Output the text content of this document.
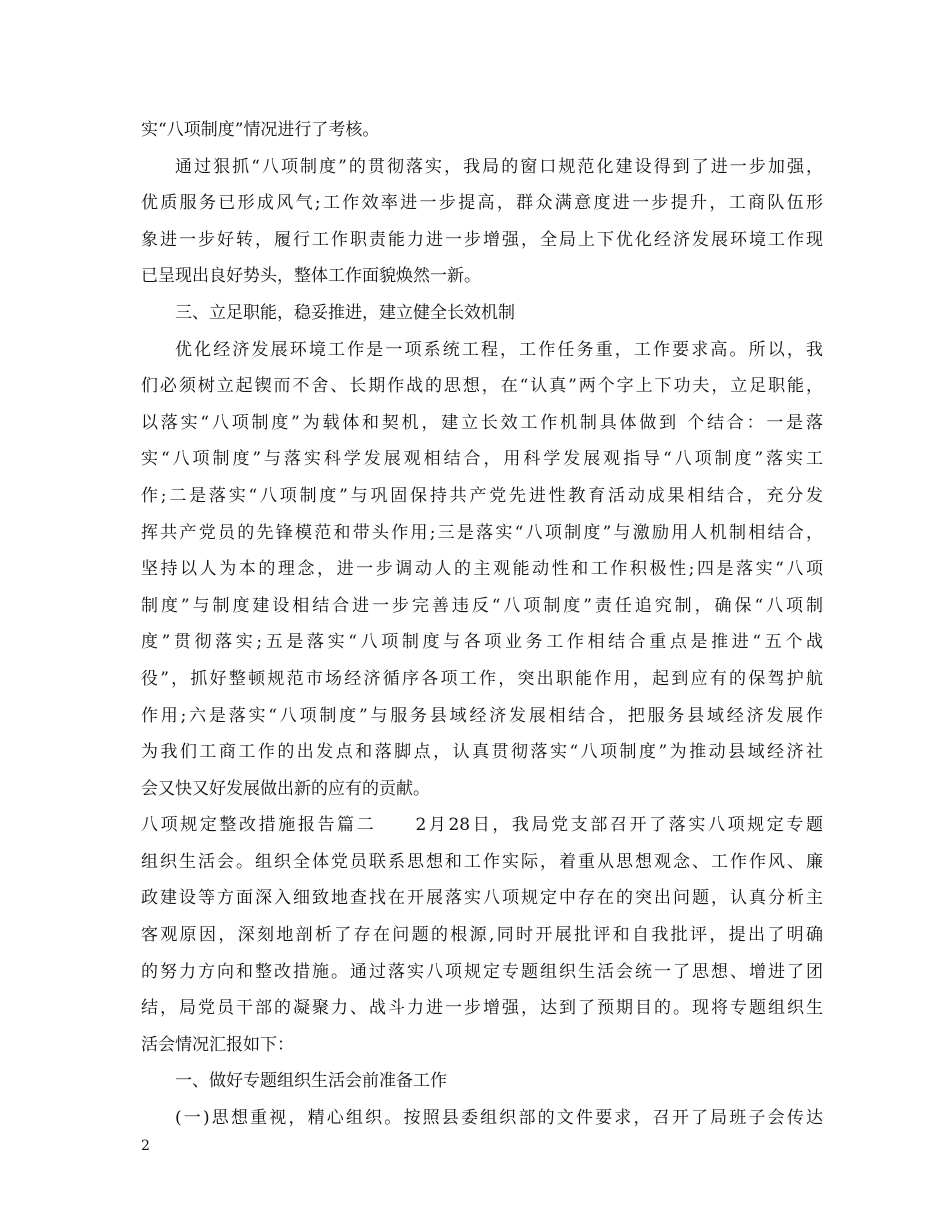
实“八项制度”情况进行了考核。
通过狠抓“八项制度”的贯彻落实，我局的窗口规范化建设得到了进一步加强，
优质服务已形成风气;工作效率进一步提高，群众满意度进一步提升，工商队伍形
象进一步好转，履行工作职责能力进一步增强，全局上下优化经济发展环境工作现
已呈现出良好势头，整体工作面貌焕然一新。
三、立足职能，稳妥推进，建立健全长效机制
优化经济发展环境工作是一项系统工程，工作任务重，工作要求高。所以，我
们必须树立起锲而不舍、长期作战的思想，在“认真”两个字上下功夫，立足职能，
以落实“八项制度”为载体和契机，建立长效工作机制具体做到 个结合：一是落
实“八项制度”与落实科学发展观相结合，用科学发展观指导“八项制度”落实工
作;二是落实“八项制度”与巩固保持共产党先进性教育活动成果相结合，充分发
挥共产党员的先锋模范和带头作用;三是落实“八项制度”与激励用人机制相结合，
坚持以人为本的理念，进一步调动人的主观能动性和工作积极性;四是落实“八项
制度”与制度建设相结合进一步完善违反“八项制度”责任追究制，确保“八项制
度”贯彻落实;五是落实“八项制度与各项业务工作相结合重点是推进“五个战
役”，抓好整顿规范市场经济循序各项工作，突出职能作用，起到应有的保驾护航
作用;六是落实“八项制度”与服务县域经济发展相结合，把服务县域经济发展作
为我们工商工作的出发点和落脚点，认真贯彻落实“八项制度”为推动县域经济社
会又快又好发展做出新的应有的贡献。
八项规定整改措施报告篇二　　2月28日，我局党支部召开了落实八项规定专题
组织生活会。组织全体党员联系思想和工作实际，着重从思想观念、工作作风、廉
政建设等方面深入细致地查找在开展落实八项规定中存在的突出问题，认真分析主
客观原因，深刻地剖析了存在问题的根源,同时开展批评和自我批评，提出了明确
的努力方向和整改措施。通过落实八项规定专题组织生活会统一了思想、增进了团
结，局党员干部的凝聚力、战斗力进一步增强，达到了预期目的。现将专题组织生
活会情况汇报如下：
一、做好专题组织生活会前准备工作
(一)思想重视，精心组织。按照县委组织部的文件要求，召开了局班子会传达
2
